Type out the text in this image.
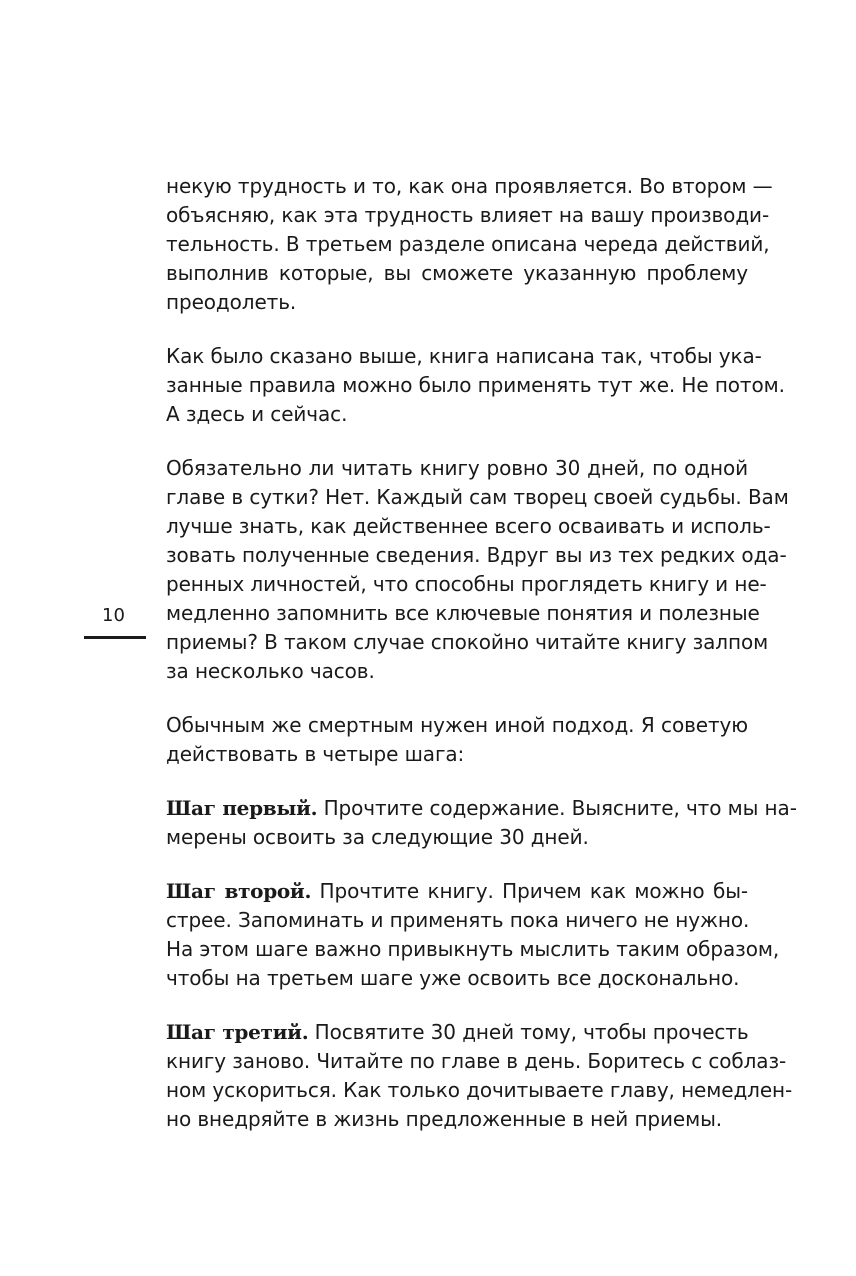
некую трудность и то, как она проявляется. Во втором —
объясняю, как эта трудность влияет на вашу производи-
тельность. В третьем разделе описана череда действий,
выполнив которые, вы сможете указанную проблему
преодолеть.
Как было сказано выше, книга написана так, чтобы ука-
занные правила можно было применять тут же. Не потом.
А здесь и сейчас.
Обязательно ли читать книгу ровно 30 дней, по одной
главе в сутки? Нет. Каждый сам творец своей судьбы. Вам
лучше знать, как действеннее всего осваивать и исполь-
зовать полученные сведения. Вдруг вы из тех редких ода-
ренных личностей, что способны проглядеть книгу и не-
медленно запомнить все ключевые понятия и полезные
приемы? В таком случае спокойно читайте книгу залпом
за несколько часов.
Обычным же смертным нужен иной подход. Я советую
действовать в четыре шага:
Шаг первый. Прочтите содержание. Выясните, что мы на-
мерены освоить за следующие 30 дней.
Шаг второй. Прочтите книгу. Причем как можно бы-
стрее. Запоминать и применять пока ничего не нужно.
На этом шаге важно привыкнуть мыслить таким образом,
чтобы на третьем шаге уже освоить все досконально.
Шаг третий. Посвятите 30 дней тому, чтобы прочесть
книгу заново. Читайте по главе в день. Боритесь с соблаз-
ном ускориться. Как только дочитываете главу, немедлен-
но внедряйте в жизнь предложенные в ней приемы.
10
